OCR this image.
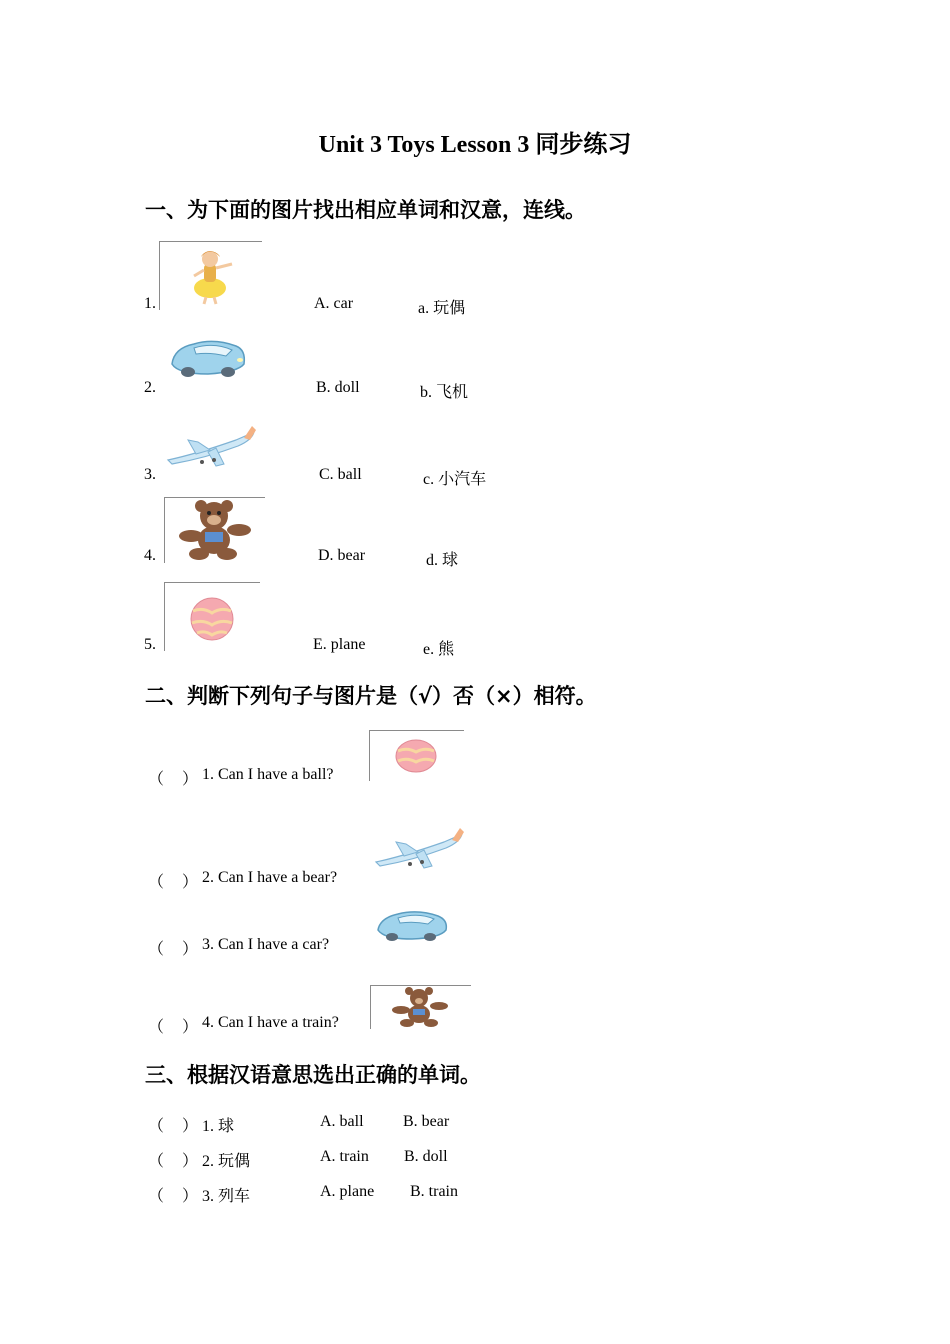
Unit 3 Toys Lesson 3 同步练习
一、为下面的图片找出相应单词和汉意，连线。
1.	A. car	a. 玩偶
2.	B. doll	b. 飞机
3.	C. ball	c. 小汽车
4.	D. bear	d. 球
5.	E. plane	e. 熊
二、判断下列句子与图片是（√）否（×）相符。
（ ） 1. Can I have a ball?
（ ） 2. Can I have a bear?
（ ） 3. Can I have a car?
（ ） 4. Can I have a train?
三、根据汉语意思选出正确的单词。
（ ） 1. 球	A. ball B. bear
（ ） 2. 玩偶	A. train B. doll
（ ） 3. 列车	A. plane B. train
